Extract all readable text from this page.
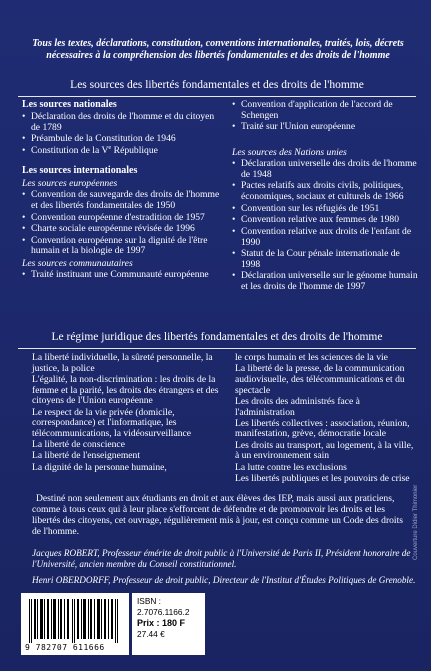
Tous les textes, déclarations, constitution, conventions internationales, traités, lois, décrets nécessaires à la compréhension des libertés fondamentales et des droits de l'homme
Les sources des libertés fondamentales et des droits de l'homme
Les sources nationales
• Déclaration des droits de l'homme et du citoyen de 1789
• Préambule de la Constitution de 1946
• Constitution de la Ve République
Les sources internationales
Les sources européennes
• Convention de sauvegarde des droits de l'homme et des libertés fondamentales de 1950
• Convention européenne d'estradition de 1957
• Charte sociale européenne révisée de 1996
• Convention européenne sur la dignité de l'être humain et la biologie de 1997
Les sources communautaires
• Traité instituant une Communauté européenne
• Convention d'application de l'accord de Schengen
• Traité sur l'Union européenne
Les sources des Nations unies
• Déclaration universelle des droits de l'homme de 1948
• Pactes relatifs aux droits civils, politiques, économiques, sociaux et culturels de 1966
• Convention sur les réfugiés de 1951
• Convention relative aux femmes de 1980
• Convention relative aux droits de l'enfant de 1990
• Statut de la Cour pénale internationale de 1998
• Déclaration universelle sur le génome humain et les droits de l'homme de 1997
Le régime juridique des libertés fondamentales et des droits de l'homme

La liberté individuelle, la sûreté personnelle, la justice, la police

L'égalité, la non-discrimination : les droits de la femme et la parité, les droits des étrangers et des citoyens de l'Union européenne

Le respect de la vie privée (domicile, correspondance) et l'informatique, les télécommunications, la vidéosurveillance

La liberté de conscience

La liberté de l'enseignement

La dignité de la personne humaine,

le corps humain et les sciences de la vie

La liberté de la presse, de la communication audiovisuelle, des télécommunications et du spectacle

Les droits des administrés face à l'administration

Les libertés collectives : association, réunion, manifestation, grève, démocratie locale

Les droits au transport, au logement, à la ville, à un environnement sain

La lutte contre les exclusions

Les libertés publiques et les pouvoirs de crise

Destiné non seulement aux étudiants en droit et aux élèves des IEP, mais aussi aux praticiens, comme à tous ceux qui à leur place s'efforcent de défendre et de promouvoir les droits et les libertés des citoyens, cet ouvrage, régulièrement mis à jour, est conçu comme un Code des droits de l'homme.
Jacques ROBERT, Professeur émérite de droit public à l'Université de Paris II, Président honoraire de l'Université, ancien membre du Conseil constitutionnel.
Henri OBERDORFF, Professeur de droit public, Directeur de l'Institut d'Études Politiques de Grenoble.
9 782707 611666
ISBN : 2.7076.1166.2
Prix : 180 F
27.44 €
Couverture Didier Thimonier
